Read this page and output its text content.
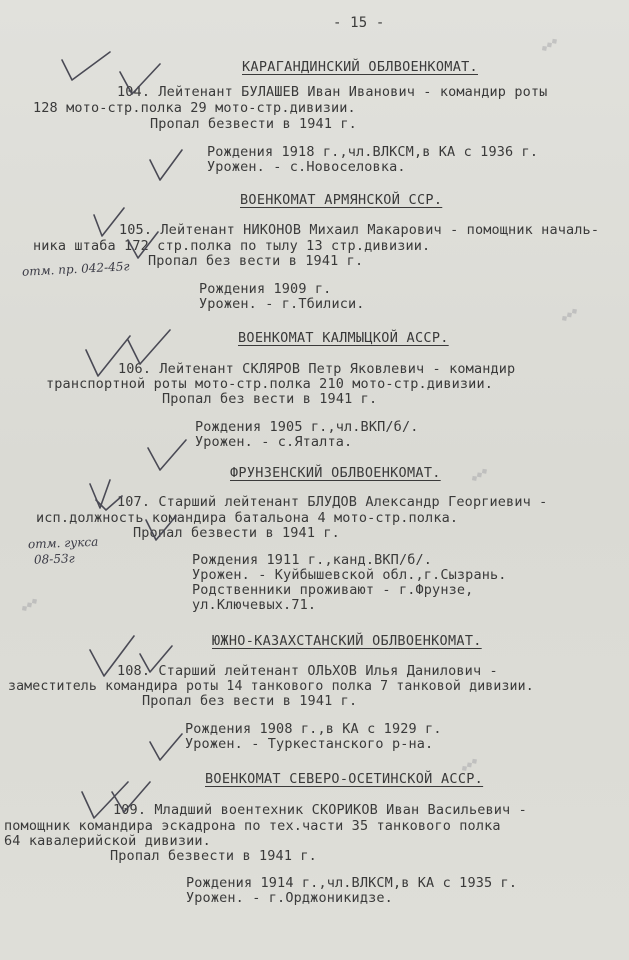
- 15 -
КАРАГАНДИНСКИЙ ОБЛВОЕНКОМАТ.
104. Лейтенант БУЛАШЕВ Иван Иванович - командир роты
128 мото-стр.полка 29 мото-стр.дивизии.
Пропал безвести в 1941 г.
Рождения 1918 г.,чл.ВЛКСМ,в КА с 1936 г.
Урожен. - с.Новоселовка.
ВОЕНКОМАТ АРМЯНСКОЙ ССР.
105. Лейтенант НИКОНОВ Михаил Макарович - помощник началь-
ника штаба 172 стр.полка по тылу 13 стр.дивизии.
Пропал без вести в 1941 г.
Рождения 1909 г.
Урожен. - г.Тбилиси.
ВОЕНКОМАТ КАЛМЫЦКОЙ АССР.
106. Лейтенант СКЛЯРОВ Петр Яковлевич - командир
транспортной роты мото-стр.полка 210 мото-стр.дивизии.
Пропал без вести в 1941 г.
Рождения 1905 г.,чл.ВКП/б/.
Урожен. - с.Яталта.
ФРУНЗЕНСКИЙ ОБЛВОЕНКОМАТ.
107. Старший лейтенант БЛУДОВ Александр Георгиевич -
исп.должность командира батальона 4 мото-стр.полка.
Пропал безвести в 1941 г.
Рождения 1911 г.,канд.ВКП/б/.
Урожен. - Куйбышевской обл.,г.Сызрань.
Родственники проживают - г.Фрунзе,
ул.Ключевых.71.
ЮЖНО-КАЗАХСТАНСКИЙ ОБЛВОЕНКОМАТ.
108. Старший лейтенант ОЛЬХОВ Илья Данилович -
заместитель командира роты 14 танкового полка 7 танковой дивизии.
Пропал без вести в 1941 г.
Рождения 1908 г.,в КА с 1929 г.
Урожен. - Туркестанского р-на.
ВОЕНКОМАТ СЕВЕРО-ОСЕТИНСКОЙ АССР.
109. Младший воентехник СКОРИКОВ Иван Васильевич -
помощник командира эскадрона по тех.части 35 танкового полка
64 кавалерийской дивизии.
Пропал безвести в 1941 г.
Рождения 1914 г.,чл.ВЛКСМ,в КА с 1935 г.
Урожен. - г.Орджоникидзе.
отм. пр. 042-45г
отм. гукса
08-53г
◆◆◆
◆◆◆
◆◆◆
◆◆◆
◆◆◆
